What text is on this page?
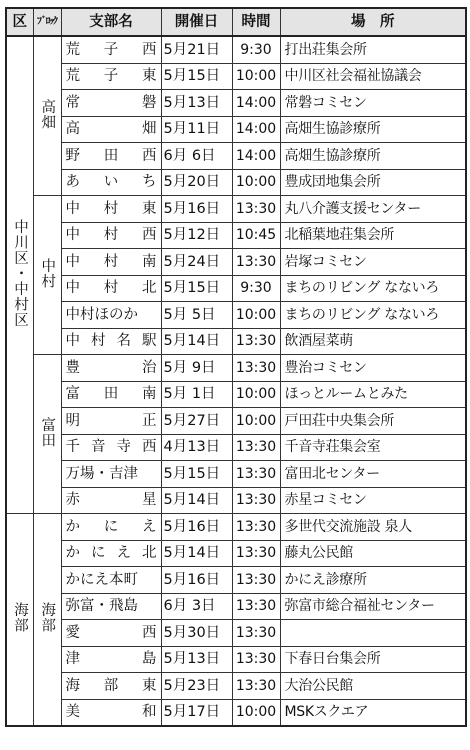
区	ﾌﾞﾛｯｸ	支部名	開催日	時間	場　所
中川区・中村区	高畑	荒子西	5月21日	9:30	打出荘集会所

		荒子東	5月15日	10:00	中川区社会福祉協議会

		常磐	5月13日	14:00	常磐コミセン

		高畑	5月11日	14:00	高畑生協診療所

		野田西	6月 6日	14:00	高畑生協診療所

		あいち	5月20日	10:00	豊成団地集会所
	中村	中村東	5月16日	13:30	丸八介護支援センター

		中村西	5月12日	10:45	北稲葉地荘集会所

		中村南	5月24日	13:30	岩塚コミセン

		中村北	5月15日	9:30	まちのリビング なないろ

		中村ほのか	5月 5日	10:00	まちのリビング なないろ

		中村名駅	5月14日	13:30	飲酒屋菜萌
	富田	豊治	5月 9日	13:30	豊治コミセン

		富田南	5月 1日	10:00	ほっとルームとみた

		明正	5月27日	10:00	戸田荘中央集会所

		千音寺西	4月13日	13:30	千音寺荘集会室

		万場・吉津	5月15日	13:30	富田北センター

		赤星	5月14日	13:30	赤星コミセン
海部	海部	かにえ	5月16日	13:30	多世代交流施設 泉人

		かにえ北	5月14日	13:30	藤丸公民館

		かにえ本町	5月16日	13:30	かにえ診療所

		弥富・飛島	6月 3日	13:30	弥富市総合福祉センター

		愛西	5月30日	13:30	

		津島	5月13日	13:30	下春日台集会所

		海部東	5月23日	13:30	大治公民館

		美和	5月17日	10:00	MSKスクエア
